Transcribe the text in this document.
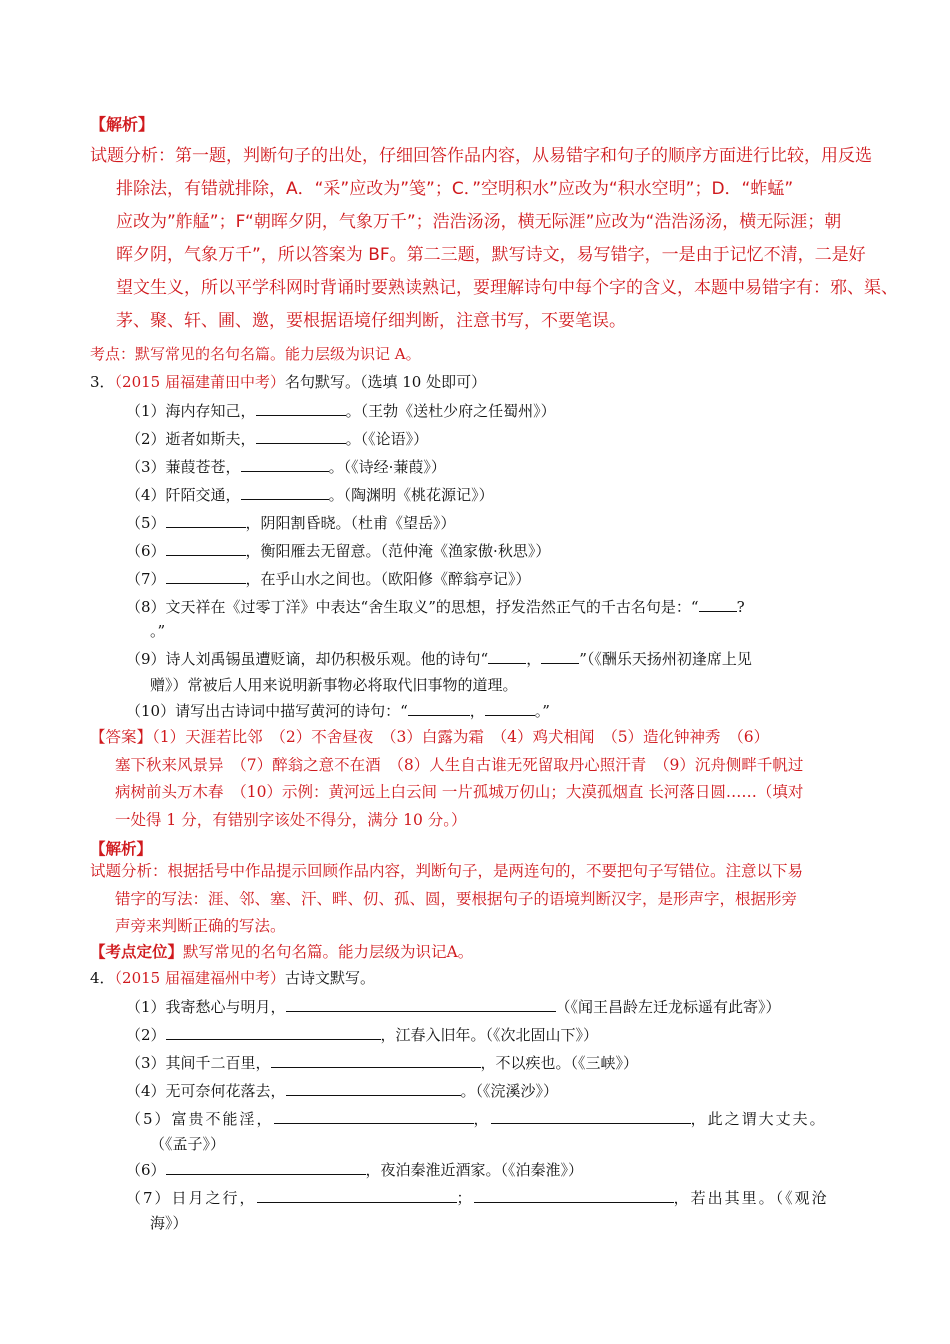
【解析】
试题分析：第一题，判断句子的出处，仔细回答作品内容，从易错字和句子的顺序方面进行比较，用反选
排除法，有错就排除，A．“采”应改为”笺”；C．”空明积水”应改为“积水空明”；D．“蚱蜢”
应改为”舴艋”；F“朝晖夕阴，气象万千”；浩浩汤汤，横无际涯”应改为“浩浩汤汤，横无际涯；朝
晖夕阴，气象万千”，所以答案为 BF。第二三题，默写诗文，易写错字，一是由于记忆不清，二是好
望文生义，所以平学科网时背诵时要熟读熟记，要理解诗句中每个字的含义，本题中易错字有：邪、渠、
茅、聚、轩、圃、邀，要根据语境仔细判断，注意书写，不要笔误。
考点：默写常见的名句名篇。能力层级为识记 A。
3．（2015 届福建莆田中考）名句默写。（选填 10 处即可）
（1）海内存知己，	。（王勃《送杜少府之任蜀州》）
（2）逝者如斯夫，	。（《论语》）
（3）蒹葭苍苍，	。（《诗经·蒹葭》）
（4）阡陌交通，	。（陶渊明《桃花源记》）
（5）	，阴阳割昏晓。（杜甫《望岳》）
（6）	，衡阳雁去无留意。（范仲淹《渔家傲·秋思》）
（7）	，在乎山水之间也。（欧阳修《醉翁亭记》）
（8）文天祥在《过零丁洋》中表达“舍生取义”的思想，抒发浩然正气的千古名句是：“	?
。”
（9）诗人刘禹锡虽遭贬谪，却仍积极乐观。他的诗句“	，	”（《酬乐天扬州初逢席上见
赠》）常被后人用来说明新事物必将取代旧事物的道理。
（10）请写出古诗词中描写黄河的诗句：“	，	。”
【答案】（1）天涯若比邻　（2）不舍昼夜　（3）白露为霜　（4）鸡犬相闻　（5）造化钟神秀　（6）
塞下秋来风景异　（7）醉翁之意不在酒　（8）人生自古谁无死留取丹心照汗青　（9）沉舟侧畔千帆过
病树前头万木春　（10）示例：黄河远上白云间 一片孤城万仞山；大漠孤烟直 长河落日圆……（填对
一处得 1 分，有错别字该处不得分，满分 10 分。）
【解析】
试题分析：根据括号中作品提示回顾作品内容，判断句子，是两连句的，不要把句子写错位。注意以下易
错字的写法：涯、邻、塞、汗、畔、仞、孤、圆，要根据句子的语境判断汉字，是形声字，根据形旁
声旁来判断正确的写法。
【考点定位】默写常见的名句名篇。能力层级为识记A。
4．（2015 届福建福州中考）古诗文默写。
（1）我寄愁心与明月，	（《闻王昌龄左迁龙标遥有此寄》）
（2）	，江春入旧年。（《次北固山下》）
（3）其间千二百里，	，不以疾也。（《三峡》）
（4）无可奈何花落去，	。（《浣溪沙》）
（5）富贵不能淫，	，	，此之谓大丈夫。
（《孟子》）
（6）	，夜泊秦淮近酒家。（《泊秦淮》）
（7）日月之行，	；	，若出其里。（《观沧
海》）
